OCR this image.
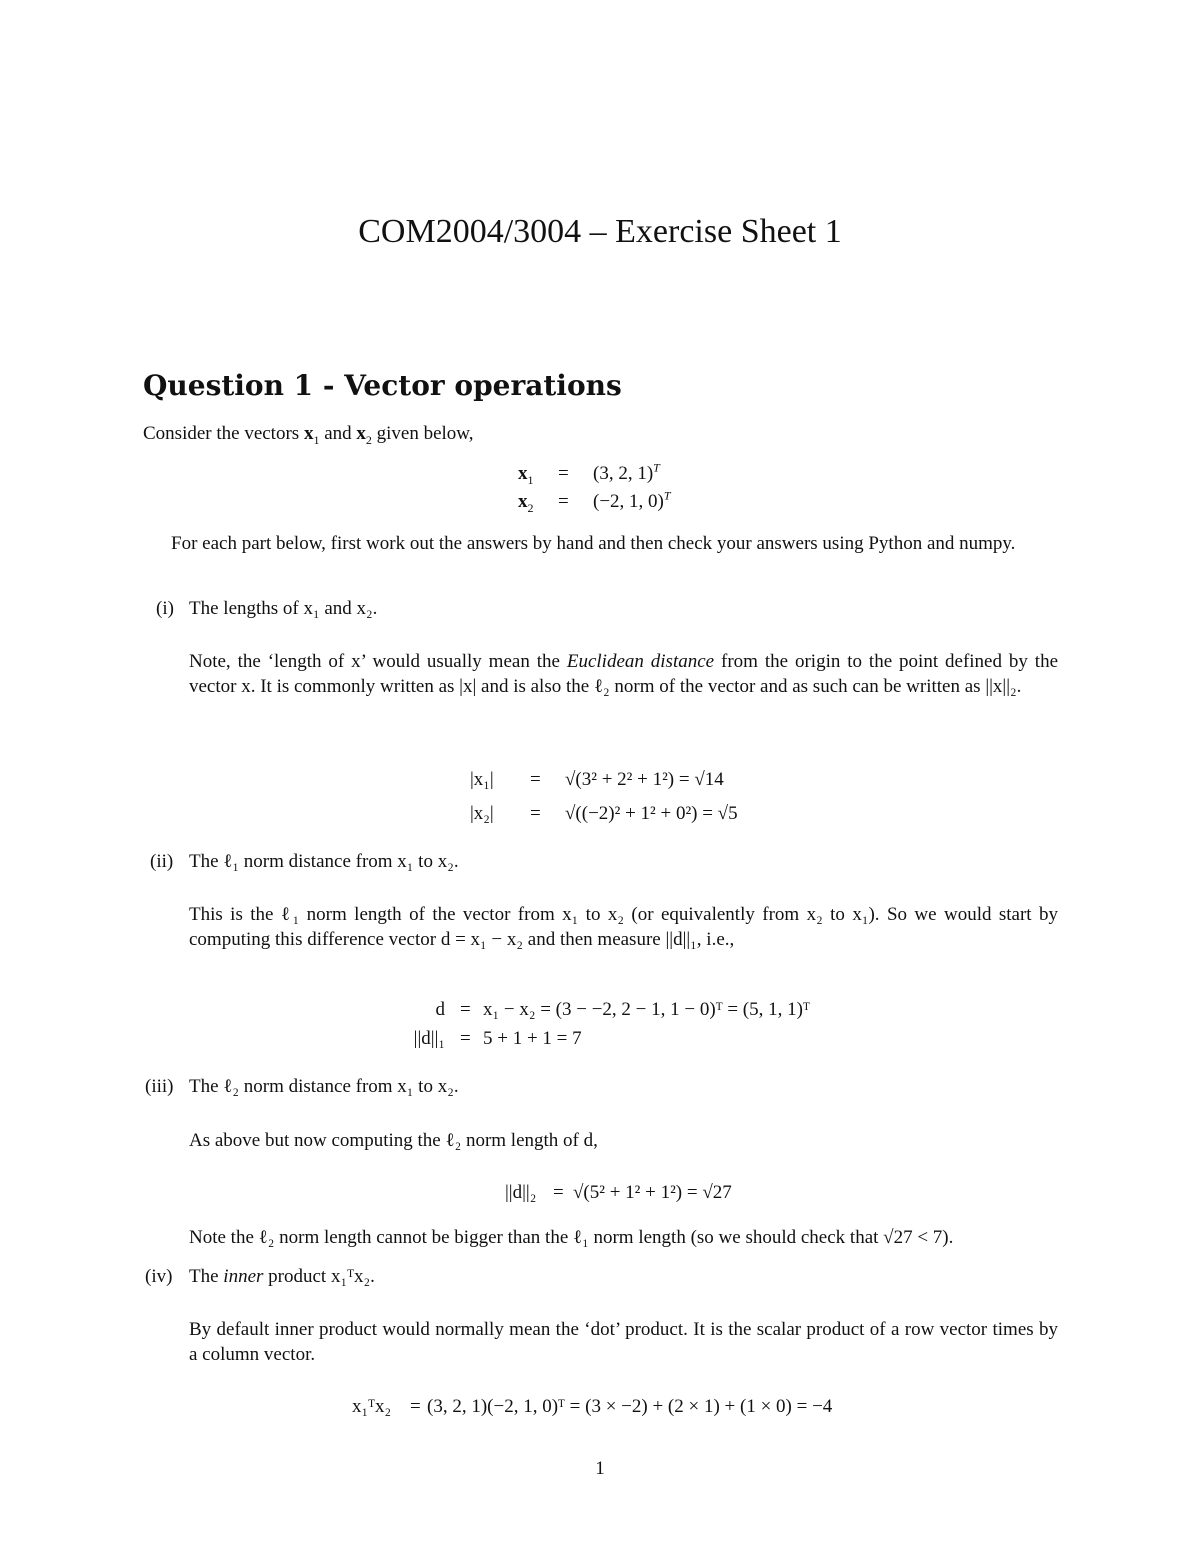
COM2004/3004 – Exercise Sheet 1
Question 1 - Vector operations
Consider the vectors $x_1$ and $x_2$ given below,
$x_1 = (3$, 2, 1)$^T$
$x_2 = (-2$, 1, 0)$^T$
For each part below, first work out the answers by hand and then check your answers using Python and numpy.
(i) The lengths of x₁ and x₂.
Note, the ‘length of x’ would usually mean the Euclidean distance from the origin to the point defined by the vector x. It is commonly written as |x| and is also the ℓ₂ norm of the vector and as such can be written as ||x||₂.
|x₁| = √(3² + 2² + 1²) = √14
|x₂| = √((−2)² + 1² + 0²) = √5
(ii) The ℓ₁ norm distance from x₁ to x₂.
This is the ℓ₁ norm length of the vector from x₁ to x₂ (or equivalently from x₂ to x₁). So we would start by computing this difference vector d = x₁ − x₂ and then measure ||d||₁, i.e.,
d = x₁ − x₂ = (3 − −2, 2 − 1, 1 − 0)ᵀ = (5, 1, 1)ᵀ
||d||₁ = 5 + 1 + 1 = 7
(iii) The ℓ₂ norm distance from x₁ to x₂.
As above but now computing the ℓ₂ norm length of d,
||d||₂ = √(5² + 1² + 1²) = √27
Note the ℓ₂ norm length cannot be bigger than the ℓ₁ norm length (so we should check that √27 < 7).
(iv) The inner product x₁ᵀx₂.
By default inner product would normally mean the ‘dot’ product. It is the scalar product of a row vector times by a column vector.
x₁ᵀx₂ = (3, 2, 1)(−2, 1, 0)ᵀ = (3 × −2) + (2 × 1) + (1 × 0) = −4
1
